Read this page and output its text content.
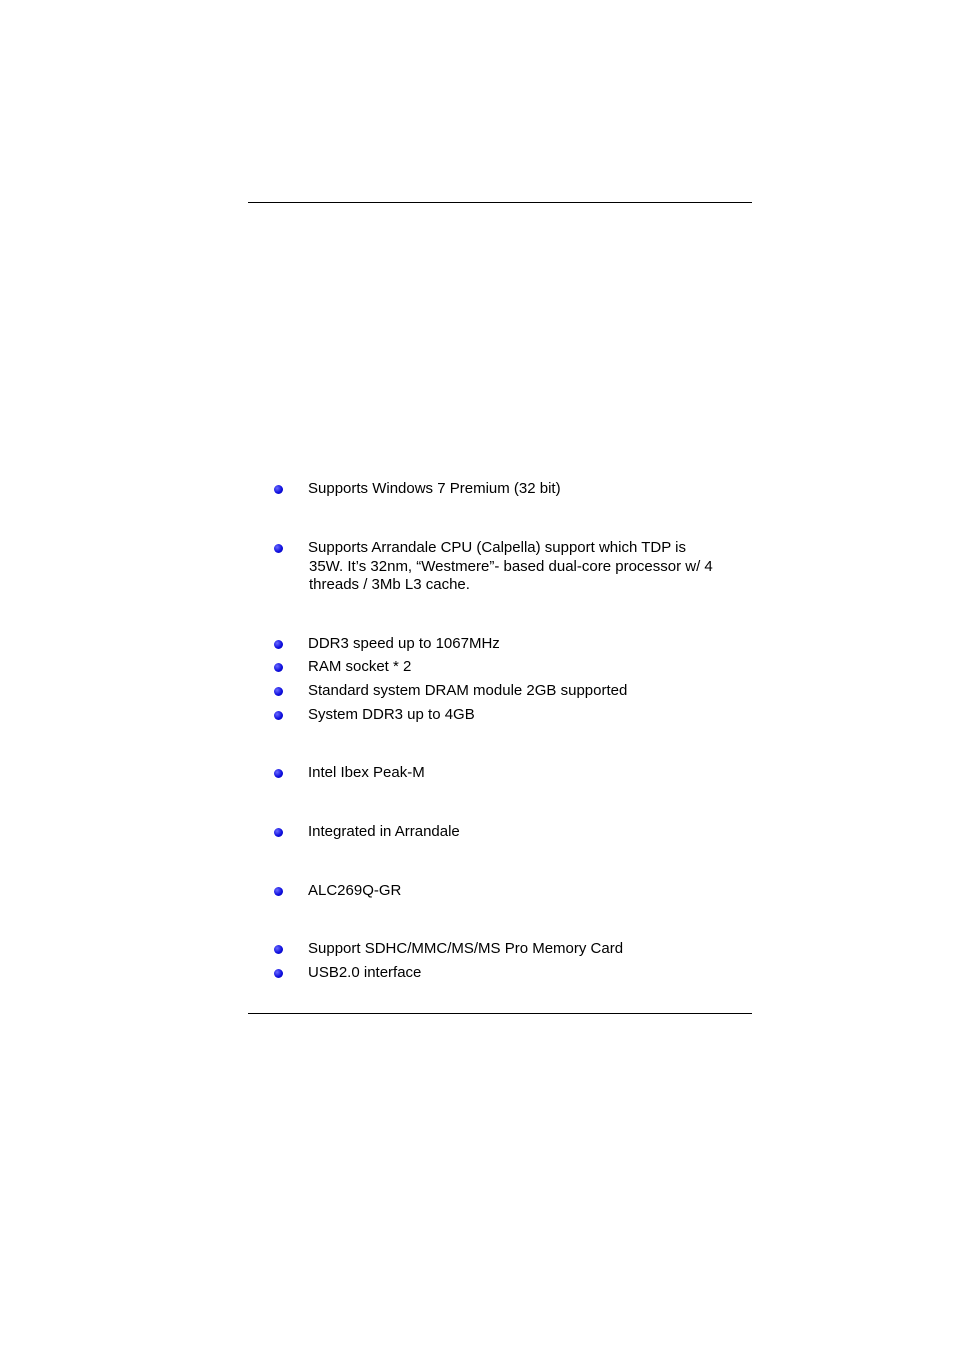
Supports Windows 7 Premium (32 bit)
Supports Arrandale CPU (Calpella) support which TDP is
35W. It’s 32nm, “Westmere”- based dual-core processor w/ 4
threads / 3Mb L3 cache.
DDR3 speed up to 1067MHz
RAM socket * 2
Standard system DRAM module 2GB supported
System DDR3 up to 4GB
Intel Ibex Peak-M
Integrated in Arrandale
ALC269Q-GR
Support SDHC/MMC/MS/MS Pro Memory Card
USB2.0 interface
